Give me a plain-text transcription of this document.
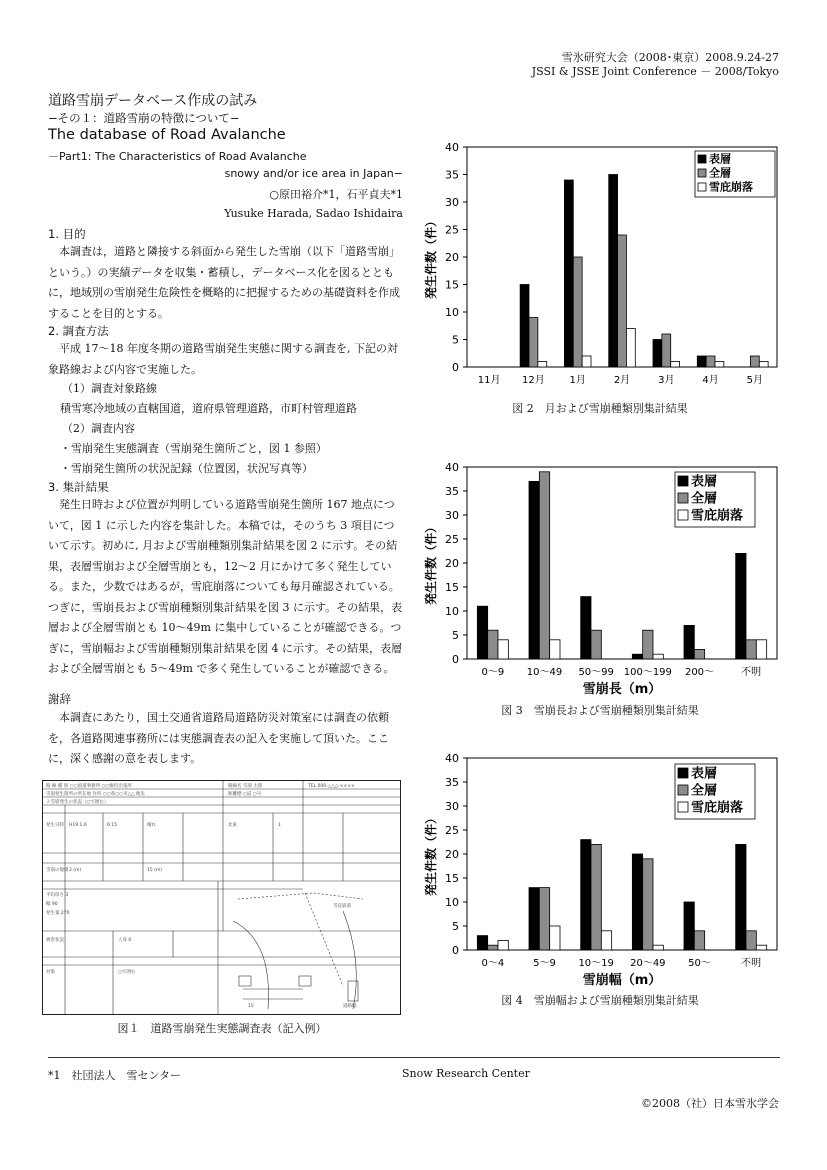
雪氷研究大会（2008･東京）2008.9.24-27
JSSI & JSSE Joint Conference － 2008/Tokyo
道路雪崩データベース作成の試み
−その１：道路雪崩の特徴について−
The database of Road Avalanche
－Part1: The Characteristics of Road Avalanche
snowy and/or ice area in Japan−
○原田裕介*1，石平貞夫*1
Yusuke Harada, Sadao Ishidaira
1. 目的
本調査は，道路と隣接する斜面から発生した雪崩（以下「道路雪崩」という。）の実績データを収集・蓄積し，データベース化を図るとともに，地域別の雪崩発生危険性を概略的に把握するための基礎資料を作成することを目的とする。
2. 調査方法
平成 17〜18 年度冬期の道路雪崩発生実態に関する調査を, 下記の対象路線および内容で実施した。
（1）調査対象路線
積雪寒冷地域の直轄国道，道府県管理道路，市町村管理道路
（2）調査内容
・雪崩発生実態調査（雪崩発生箇所ごと，図 1 参照）
・雪崩発生箇所の状況記録（位置図，状況写真等）
3. 集計結果
発生日時および位置が判明している道路雪崩発生箇所 167 地点について，図 1 に示した内容を集計した。本稿では，そのうち 3 項目について示す。初めに, 月および雪崩種類別集計結果を図 2 に示す。その結果，表層雪崩および全層雪崩とも，12〜2 月にかけて多く発生している。また，少数ではあるが，雪庇崩落についても毎月確認されている。つぎに，雪崩長および雪崩種類別集計結果を図 3 に示す。その結果，表層および全層雪崩とも 10〜49m に集中していることが確認できる。つぎに，雪崩幅および雪崩種類別集計結果を図 4 に示す。その結果，表層および全層雪崩とも 5〜49m で多く発生していることが確認できる。
謝辞
本調査にあたり，国土交通省道路局道路防災対策室には調査の依頼を，各道路関連事務所には実態調査表の記入を実施して頂いた。ここに，深く感謝の意を表します。
路 線 種 別 ○○国道事務所 ○○維持出張所	路線名 雪崩 太郎	TEL 000-△△△-××××
雪崩発生箇所の所在地 住所 ○○県○○市△△ 地先	距離標 ○道 ○号
２雪崩発生の状況（○で囲む）
発生日時 H19.1.6	6:15	晴れ	北東	1
雪崩の規模 2 (m)	15 (m)
平均厚さ 3
幅 90
発生量 270
被害状況	人身 0
対策	○で囲む
雪庇崩落
15	道路幅
図１　道路雪崩発生実態調査表（記入例）
0
5
10
15
20
25
30
35
40
発生件数（件）
11月 12月 1月	2月	3月	4月	5月
表層
全層
雪庇崩落
図 2　月および雪崩種類別集計結果
0
5
10
15
20
25
30
35
40
発生件数（件）
0〜9 10〜49 50〜99 100〜199 200〜	不明
雪崩長（m）
表層
全層
雪庇崩落
図 3　雪崩長および雪崩種類別集計結果
0
5
10
15
20
25
30
35
40
発生件数（件）
0〜4	5〜9 10〜19 20〜49 50〜	不明
雪崩幅（m）
表層
全層
雪庇崩落
図 4　雪崩幅および雪崩種類別集計結果
*1　社団法人　雪センター	Snow Research Center
©2008（社）日本雪氷学会
